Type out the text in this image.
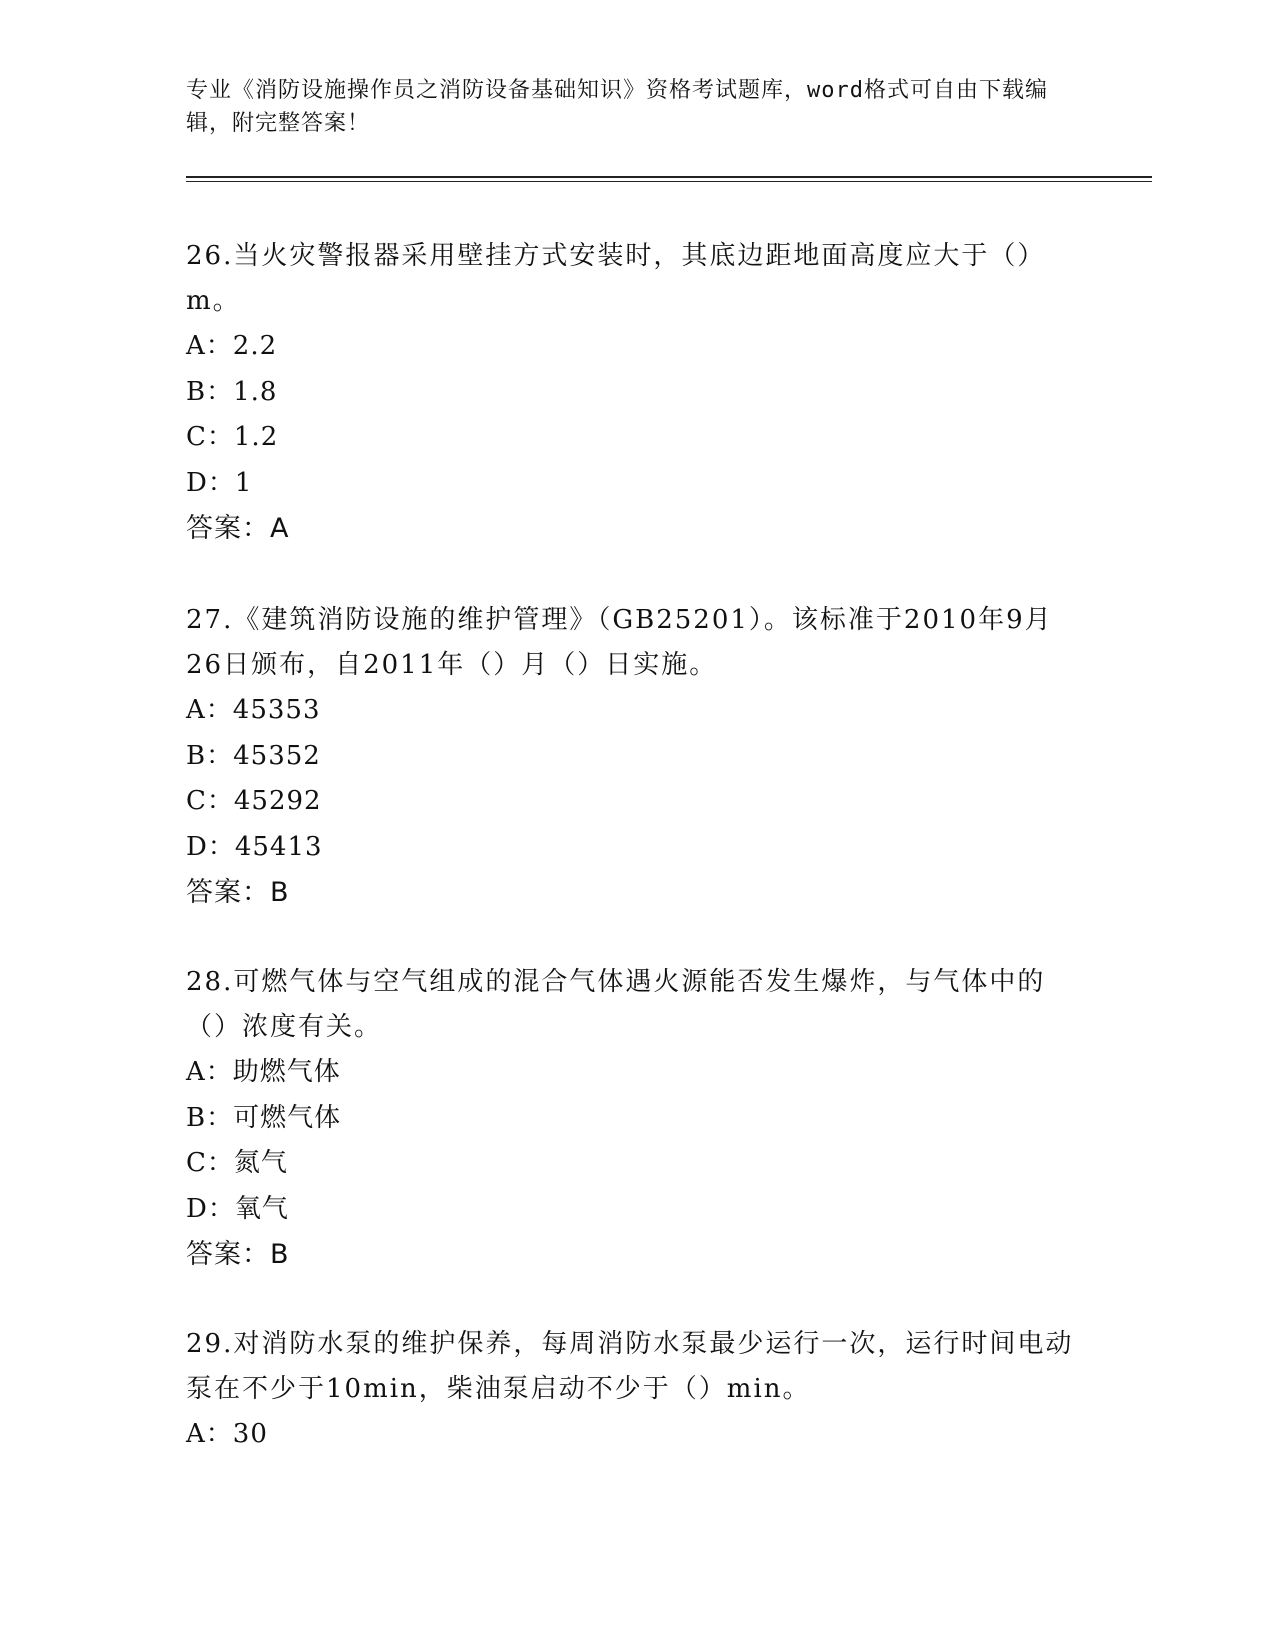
专业《消防设施操作员之消防设备基础知识》资格考试题库，word格式可自由下载编辑，附完整答案！

26.当火灾警报器采用壁挂方式安装时，其底边距地面高度应大于（）m。

A：2.2

B：1.8

C：1.2

D：1

答案：A

27.《建筑消防设施的维护管理》（GB25201）。该标准于2010年9月26日颁布，自2011年（）月（）日实施。

A：45353

B：45352

C：45292

D：45413

答案：B

28.可燃气体与空气组成的混合气体遇火源能否发生爆炸，与气体中的（）浓度有关。

A：助燃气体

B：可燃气体

C：氮气

D：氧气

答案：B

29.对消防水泵的维护保养，每周消防水泵最少运行一次，运行时间电动泵在不少于10min，柴油泵启动不少于（）min。

A：30
